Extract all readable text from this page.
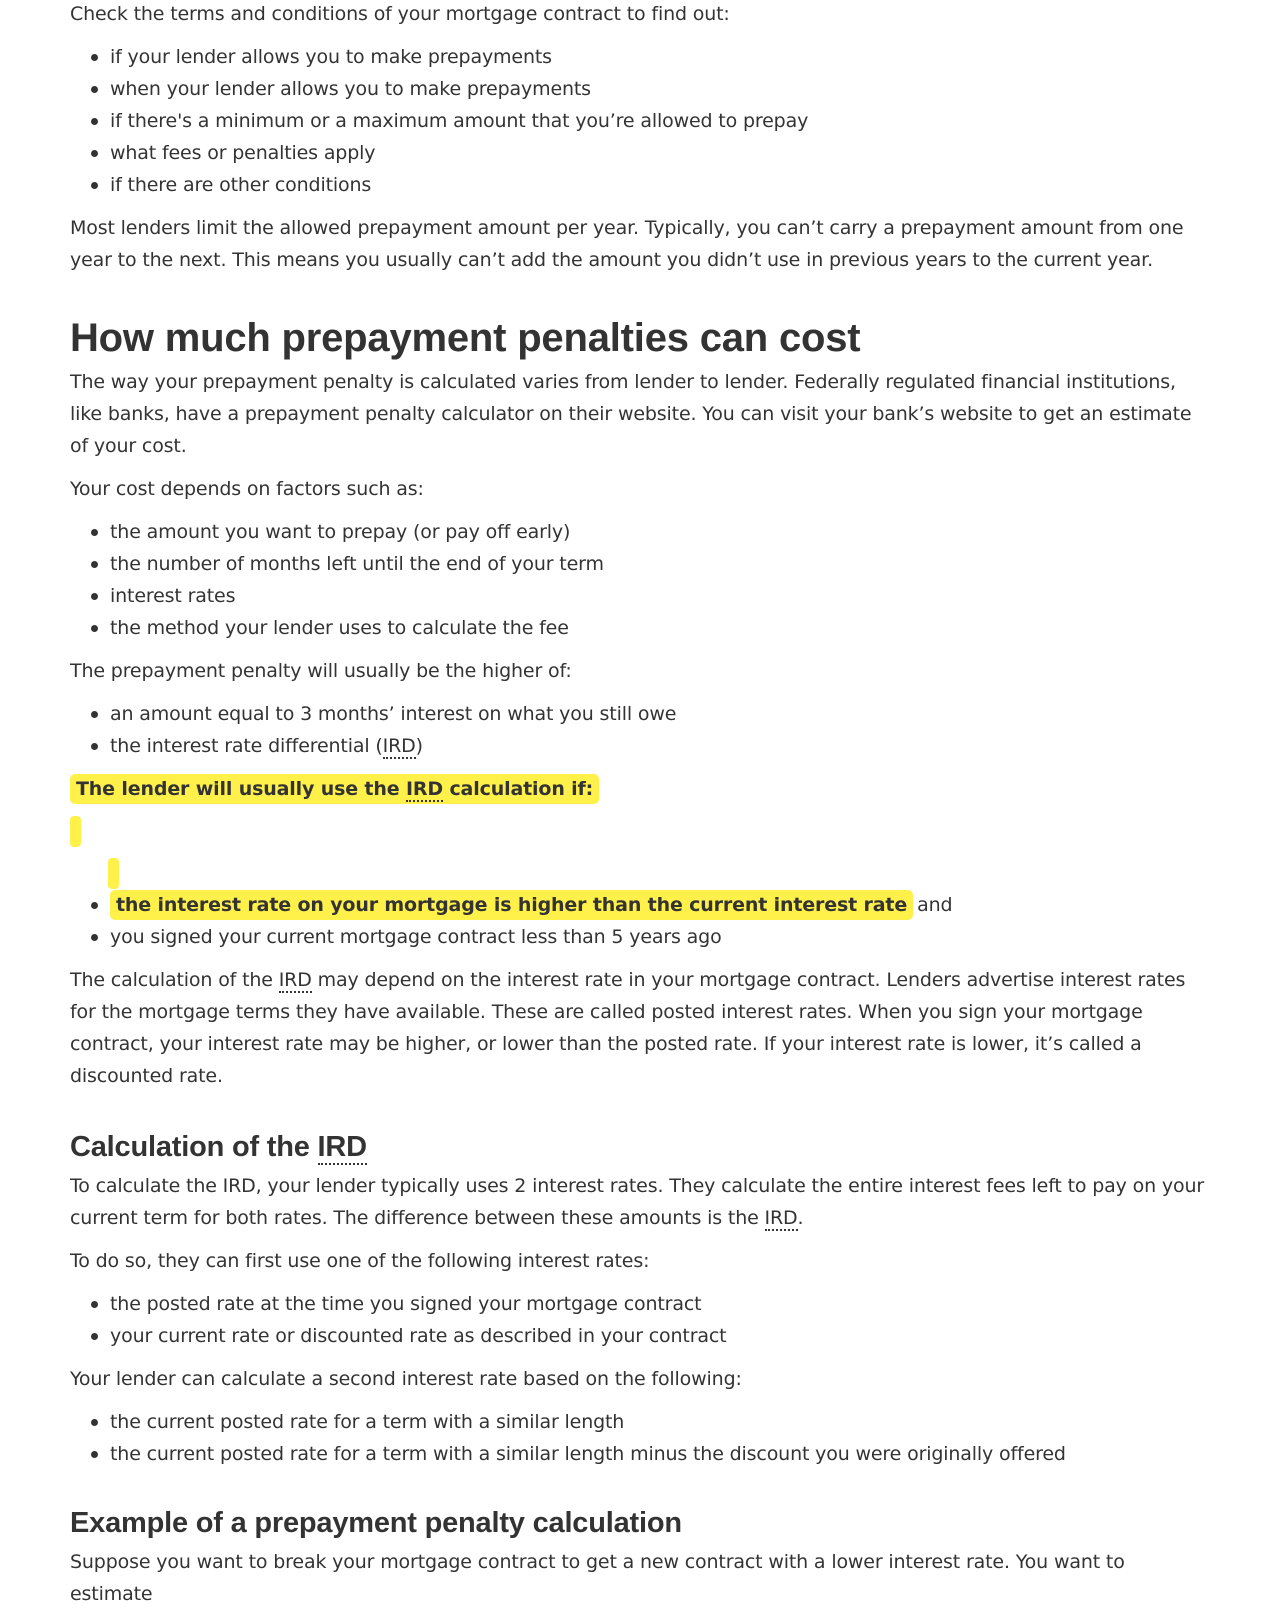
Check the terms and conditions of your mortgage contract to find out:

if your lender allows you to make prepayments
when your lender allows you to make prepayments
if there's a minimum or a maximum amount that you’re allowed to prepay
what fees or penalties apply
if there are other conditions

Most lenders limit the allowed prepayment amount per year. Typically, you can’t carry a prepayment amount from one year to the next. This means you usually can’t add the amount you didn’t use in previous years to the current year.

How much prepayment penalties can cost

The way your prepayment penalty is calculated varies from lender to lender. Federally regulated financial institutions, like banks, have a prepayment penalty calculator on their website. You can visit your bank’s website to get an estimate of your cost.

Your cost depends on factors such as:

the amount you want to prepay (or pay off early)
the number of months left until the end of your term
interest rates
the method your lender uses to calculate the fee

The prepayment penalty will usually be the higher of:

an amount equal to 3 months’ interest on what you still owe
the interest rate differential (IRD)

The lender will usually use the IRD calculation if:

the interest rate on your mortgage is higher than the current interest rate and
you signed your current mortgage contract less than 5 years ago

The calculation of the IRD may depend on the interest rate in your mortgage contract. Lenders advertise interest rates for the mortgage terms they have available. These are called posted interest rates. When you sign your mortgage contract, your interest rate may be higher, or lower than the posted rate. If your interest rate is lower, it’s called a discounted rate.

Calculation of the IRD

To calculate the IRD, your lender typically uses 2 interest rates. They calculate the entire interest fees left to pay on your current term for both rates. The difference between these amounts is the IRD.

To do so, they can first use one of the following interest rates:

the posted rate at the time you signed your mortgage contract
your current rate or discounted rate as described in your contract

Your lender can calculate a second interest rate based on the following:

the current posted rate for a term with a similar length
the current posted rate for a term with a similar length minus the discount you were originally offered
Example of a prepayment penalty calculation

Suppose you want to break your mortgage contract to get a new contract with a lower interest rate. You want to estimate
